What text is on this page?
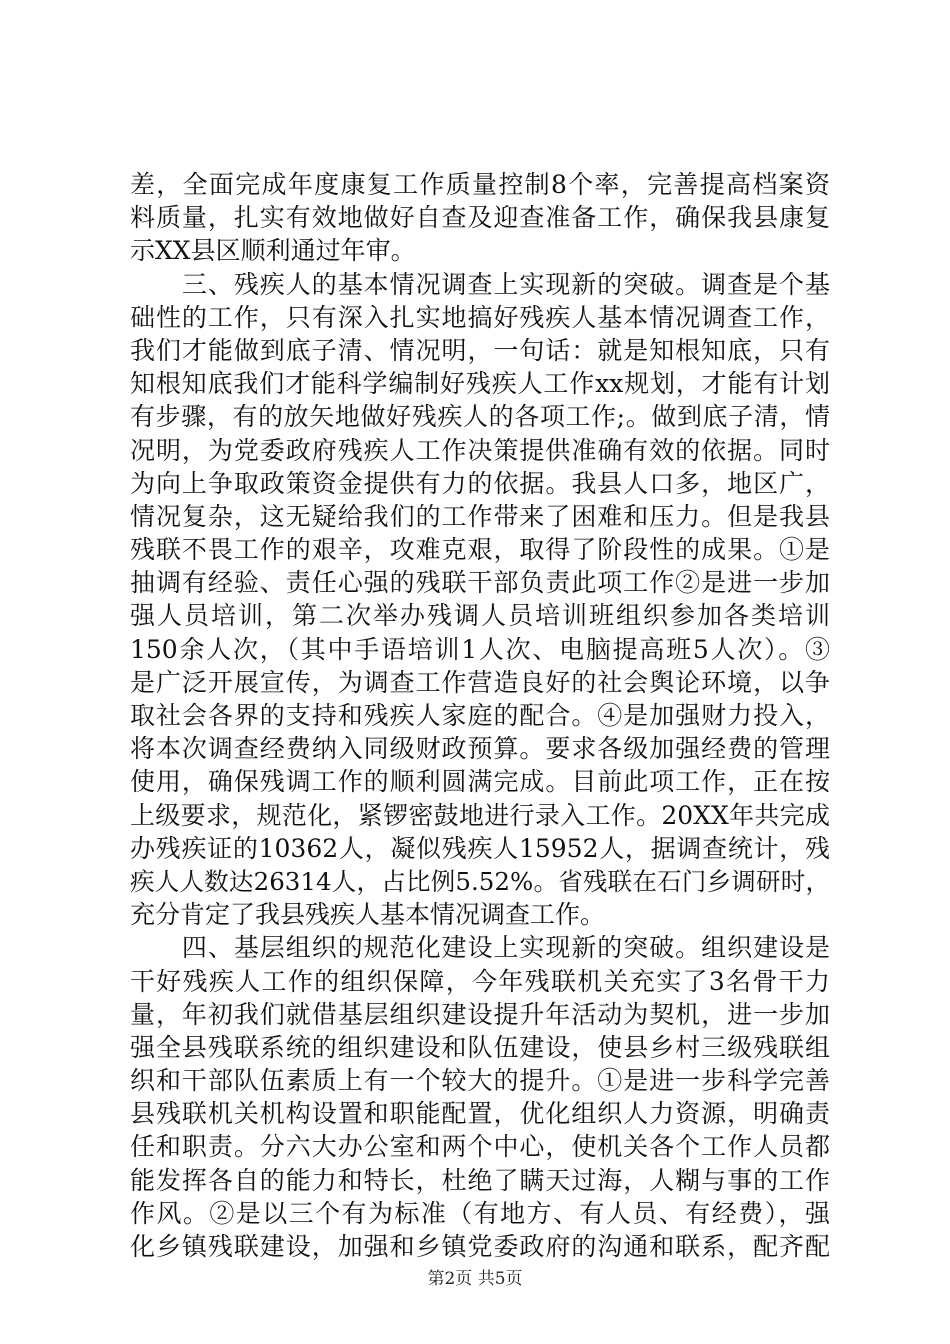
差，全面完成年度康复工作质量控制8个率，完善提高档案资
料质量，扎实有效地做好自查及迎查准备工作，确保我县康复
示XX县区顺利通过年审。
　　三、残疾人的基本情况调查上实现新的突破。调查是个基
础性的工作，只有深入扎实地搞好残疾人基本情况调查工作，
我们才能做到底子清、情况明，一句话：就是知根知底，只有
知根知底我们才能科学编制好残疾人工作xx规划，才能有计划
有步骤，有的放矢地做好残疾人的各项工作;。做到底子清，情
况明，为党委政府残疾人工作决策提供准确有效的依据。同时
为向上争取政策资金提供有力的依据。我县人口多，地区广，
情况复杂，这无疑给我们的工作带来了困难和压力。但是我县
残联不畏工作的艰辛，攻难克艰，取得了阶段性的成果。①是
抽调有经验、责任心强的残联干部负责此项工作②是进一步加
强人员培训，第二次举办残调人员培训班组织参加各类培训
150余人次，（其中手语培训1人次、电脑提高班5人次）。③
是广泛开展宣传，为调查工作营造良好的社会舆论环境，以争
取社会各界的支持和残疾人家庭的配合。④是加强财力投入，
将本次调查经费纳入同级财政预算。要求各级加强经费的管理
使用，确保残调工作的顺利圆满完成。目前此项工作，正在按
上级要求，规范化，紧锣密鼓地进行录入工作。20XX年共完成
办残疾证的10362人，凝似残疾人15952人，据调查统计，残
疾人人数达26314人，占比例5.52%。省残联在石门乡调研时，
充分肯定了我县残疾人基本情况调查工作。
　　四、基层组织的规范化建设上实现新的突破。组织建设是
干好残疾人工作的组织保障，今年残联机关充实了3名骨干力
量，年初我们就借基层组织建设提升年活动为契机，进一步加
强全县残联系统的组织建设和队伍建设，使县乡村三级残联组
织和干部队伍素质上有一个较大的提升。①是进一步科学完善
县残联机关机构设置和职能配置，优化组织人力资源，明确责
任和职责。分六大办公室和两个中心，使机关各个工作人员都
能发挥各自的能力和特长，杜绝了瞒天过海，人糊与事的工作
作风。②是以三个有为标准（有地方、有人员、有经费），强
化乡镇残联建设，加强和乡镇党委政府的沟通和联系，配齐配
第2页 共5页
